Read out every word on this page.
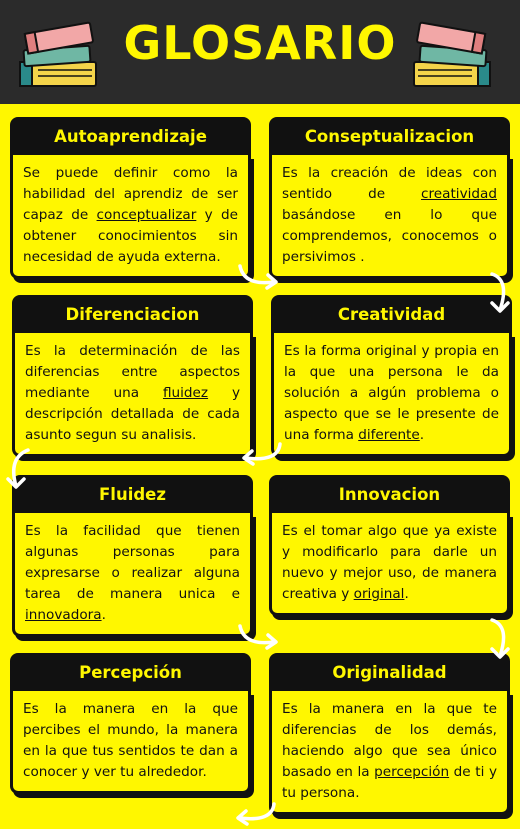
GLOSARIO
Autoaprendizaje
Se puede definir como la habilidad del aprendiz de ser capaz de conceptualizar y de obtener conocimientos sin necesidad de ayuda externa.
Conseptualizacion
Es la creación de ideas con sentido de creatividad basándose en lo que comprendemos, conocemos o persivimos .
Diferenciacion
Es la determinación de las diferencias entre aspectos mediante una fluidez y descripción detallada de cada asunto segun su analisis.
Creatividad
Es la forma original y propia en la que una persona le da solución a algún problema o aspecto que se le presente de una forma diferente.
Fluidez
Es la facilidad que tienen algunas personas para expresarse o realizar alguna tarea de manera unica e innovadora.
Innovacion
Es el tomar algo que ya existe y modificarlo para darle un nuevo y mejor uso, de manera creativa y original.
Percepción
Es la manera en la que percibes el mundo, la manera en la que tus sentidos te dan a conocer y ver tu alrededor.
Originalidad
Es la manera en la que te diferencias de los demás, haciendo algo que sea único basado en la percepción de ti y tu persona.
